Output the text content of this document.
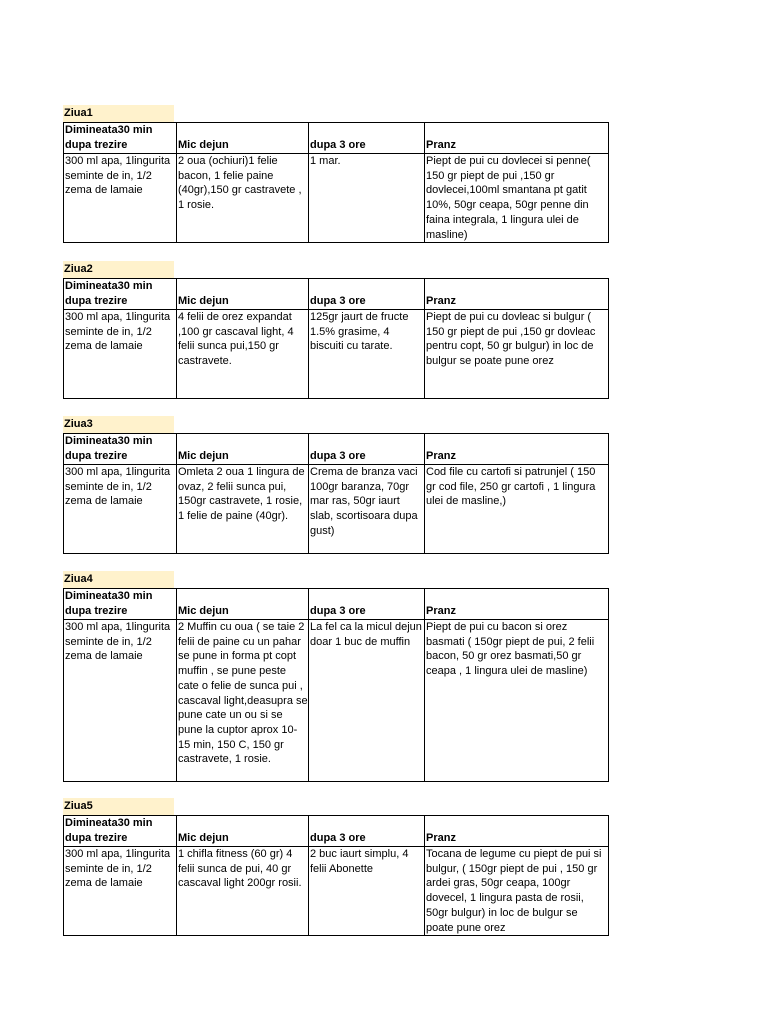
Ziua1
Dimineata30 min dupa trezire	Mic dejun	dupa 3 ore	Pranz
300 ml apa, 1lingurita seminte de in, 1/2 zema de lamaie	2 oua (ochiuri)1 felie bacon, 1 felie paine (40gr),150 gr castravete , 1 rosie.	1 mar.	Piept de pui cu dovlecei si penne( 150 gr piept de pui ,150 gr dovlecei,100ml smantana pt gatit 10%, 50gr ceapa, 50gr penne din faina integrala, 1 lingura ulei de masline)
Ziua2
Dimineata30 min dupa trezire	Mic dejun	dupa 3 ore	Pranz
300 ml apa, 1lingurita seminte de in, 1/2 zema de lamaie	4 felii de orez expandat ,100 gr cascaval light, 4 felii sunca pui,150 gr castravete.	125gr jaurt de fructe 1.5% grasime, 4 biscuiti cu tarate.	Piept de pui cu dovleac si bulgur ( 150 gr piept de pui ,150 gr dovleac pentru copt, 50 gr bulgur) in loc de bulgur se poate pune orez
Ziua3
Dimineata30 min dupa trezire	Mic dejun	dupa 3 ore	Pranz
300 ml apa, 1lingurita seminte de in, 1/2 zema de lamaie	Omleta 2 oua 1 lingura de ovaz, 2 felii sunca pui, 150gr castravete, 1 rosie, 1 felie de paine (40gr).	Crema de branza vaci 100gr baranza, 70gr mar ras, 50gr iaurt slab, scortisoara dupa gust)	Cod file cu cartofi si patrunjel ( 150 gr cod file, 250 gr cartofi , 1 lingura ulei de masline,)
Ziua4
Dimineata30 min dupa trezire	Mic dejun	dupa 3 ore	Pranz
300 ml apa, 1lingurita seminte de in, 1/2 zema de lamaie	2 Muffin cu oua ( se taie 2 felii de paine cu un pahar se pune in forma pt copt muffin , se pune peste cate o felie de sunca pui , cascaval light,deasupra se pune cate un ou si se pune la cuptor aprox 10-15 min, 150 C, 150 gr castravete, 1 rosie.	La fel ca la micul dejun doar 1 buc de muffin	Piept de pui cu bacon si orez basmati ( 150gr piept de pui, 2 felii bacon, 50 gr orez basmati,50 gr ceapa , 1 lingura ulei de masline)
Ziua5
Dimineata30 min dupa trezire	Mic dejun	dupa 3 ore	Pranz
300 ml apa, 1lingurita seminte de in, 1/2 zema de lamaie	1 chifla fitness (60 gr) 4 felii sunca de pui, 40 gr cascaval light 200gr rosii.	2 buc iaurt simplu, 4 felii Abonette	Tocana de legume cu piept de pui si bulgur, ( 150gr piept de pui , 150 gr ardei gras, 50gr ceapa, 100gr dovecel, 1 lingura pasta de rosii, 50gr bulgur) in loc de bulgur se poate pune orez
